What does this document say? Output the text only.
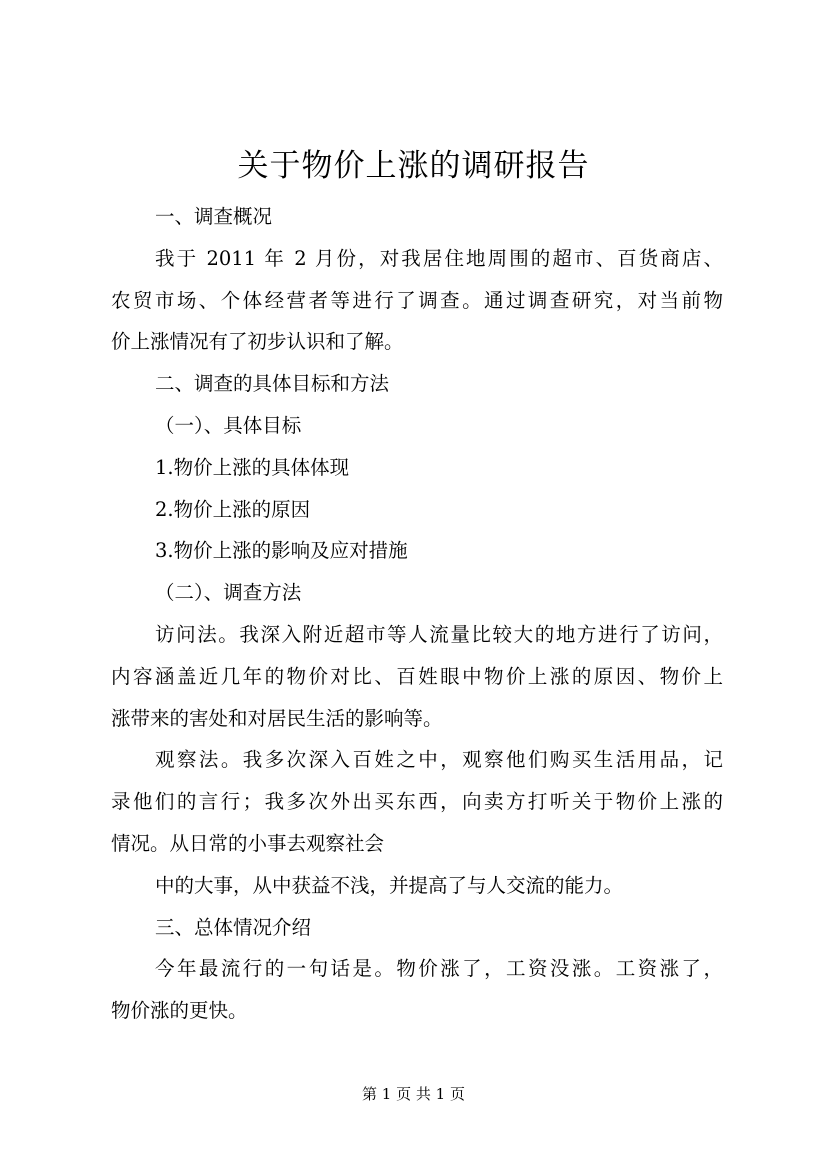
关于物价上涨的调研报告
一、调查概况
我于 2011 年 2 月份，对我居住地周围的超市、百货商店、
农贸市场、个体经营者等进行了调查。通过调查研究，对当前物
价上涨情况有了初步认识和了解。
二、调查的具体目标和方法
（一）、具体目标
1.物价上涨的具体体现
2.物价上涨的原因
3.物价上涨的影响及应对措施
（二）、调查方法
访问法。我深入附近超市等人流量比较大的地方进行了访问，
内容涵盖近几年的物价对比、百姓眼中物价上涨的原因、物价上
涨带来的害处和对居民生活的影响等。
观察法。我多次深入百姓之中，观察他们购买生活用品，记
录他们的言行；我多次外出买东西，向卖方打听关于物价上涨的
情况。从日常的小事去观察社会
中的大事，从中获益不浅，并提高了与人交流的能力。
三、总体情况介绍
今年最流行的一句话是。物价涨了，工资没涨。工资涨了，
物价涨的更快。
第 1 页 共 1 页
